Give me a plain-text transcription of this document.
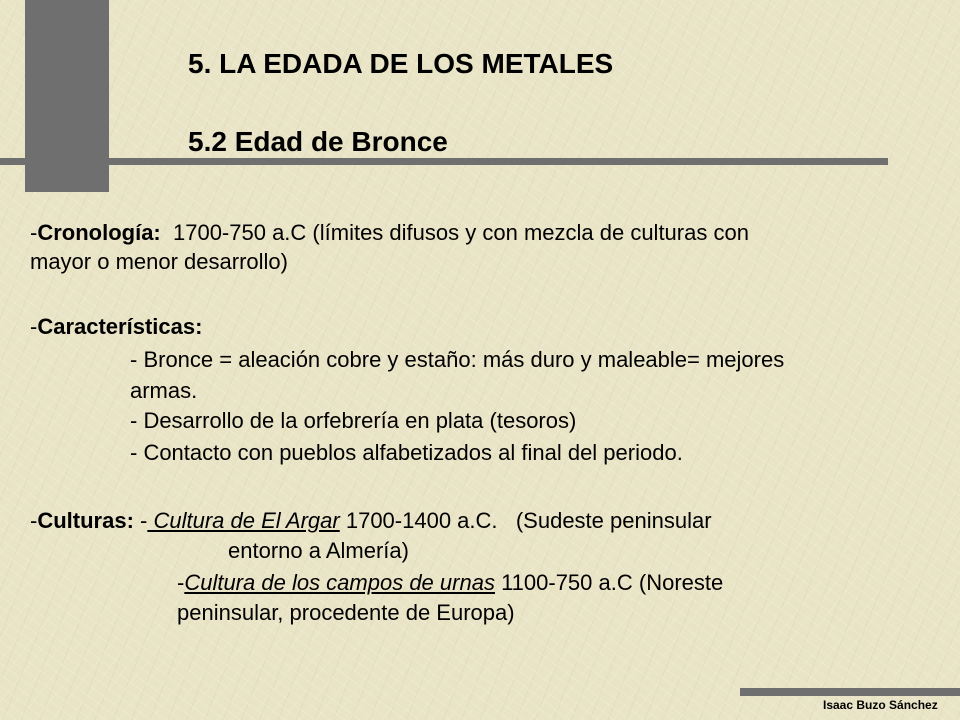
5. LA EDADA DE LOS METALES
5.2 Edad de Bronce

-Cronología:  1700-750 a.C (límites difusos y con mezcla de culturas con

mayor o menor desarrollo)

-Características:

- Bronce = aleación cobre y estaño: más duro y maleable= mejores

armas.

- Desarrollo de la orfebrería en plata (tesoros)

- Contacto con pueblos alfabetizados al final del periodo.

-Culturas: - Cultura de El Argar 1700-1400 a.C.   (Sudeste peninsular

entorno a Almería)

-Cultura de los campos de urnas 1100-750 a.C (Noreste

peninsular, procedente de Europa)

Isaac Buzo Sánchez
